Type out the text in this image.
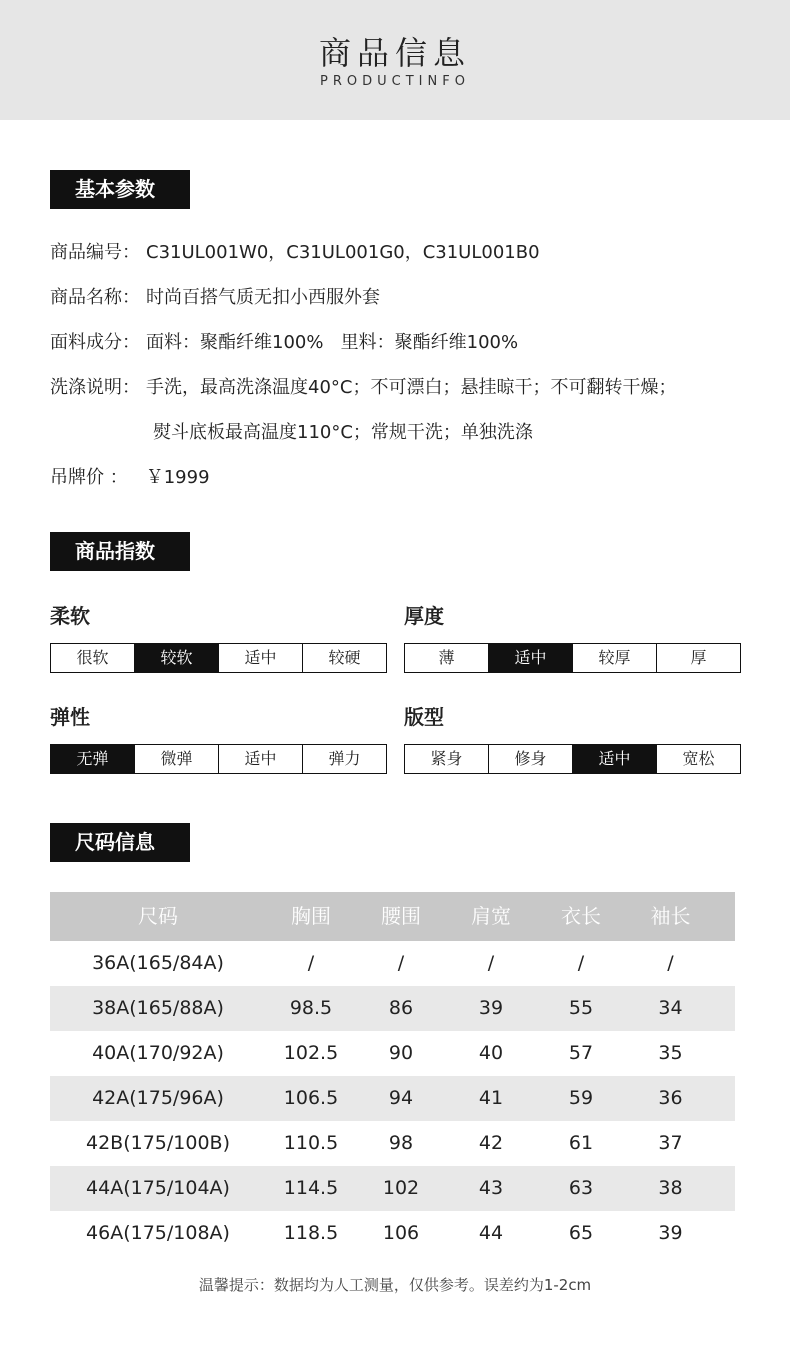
商品信息
PRODUCTINFO
基本参数
商品编号： C31UL001W0，C31UL001G0，C31UL001B0
商品名称： 时尚百搭气质无扣小西服外套
面料成分： 面料：聚酯纤维100%   里料：聚酯纤维100%
洗涤说明： 手洗，最高洗涤温度40°C；不可漂白；悬挂晾干；不可翻转干燥；
熨斗底板最高温度110°C；常规干洗；单独洗涤
吊牌价 ： ￥1999
商品指数
柔软
很软	较软	适中	较硬
厚度
薄	适中	较厚	厚
弹性
无弹	微弹	适中	弹力
版型
紧身	修身	适中	宽松
尺码信息
尺码	胸围	腰围	肩宽	衣长	袖长
36A(165/84A)	/	/	/	/	/
38A(165/88A)	98.5	86	39	55	34
40A(170/92A)	102.5	90	40	57	35
42A(175/96A)	106.5	94	41	59	36
42B(175/100B)	110.5	98	42	61	37
44A(175/104A)	114.5	102	43	63	38
46A(175/108A)	118.5	106	44	65	39
温馨提示：数据均为人工测量，仅供参考。误差约为1-2cm
